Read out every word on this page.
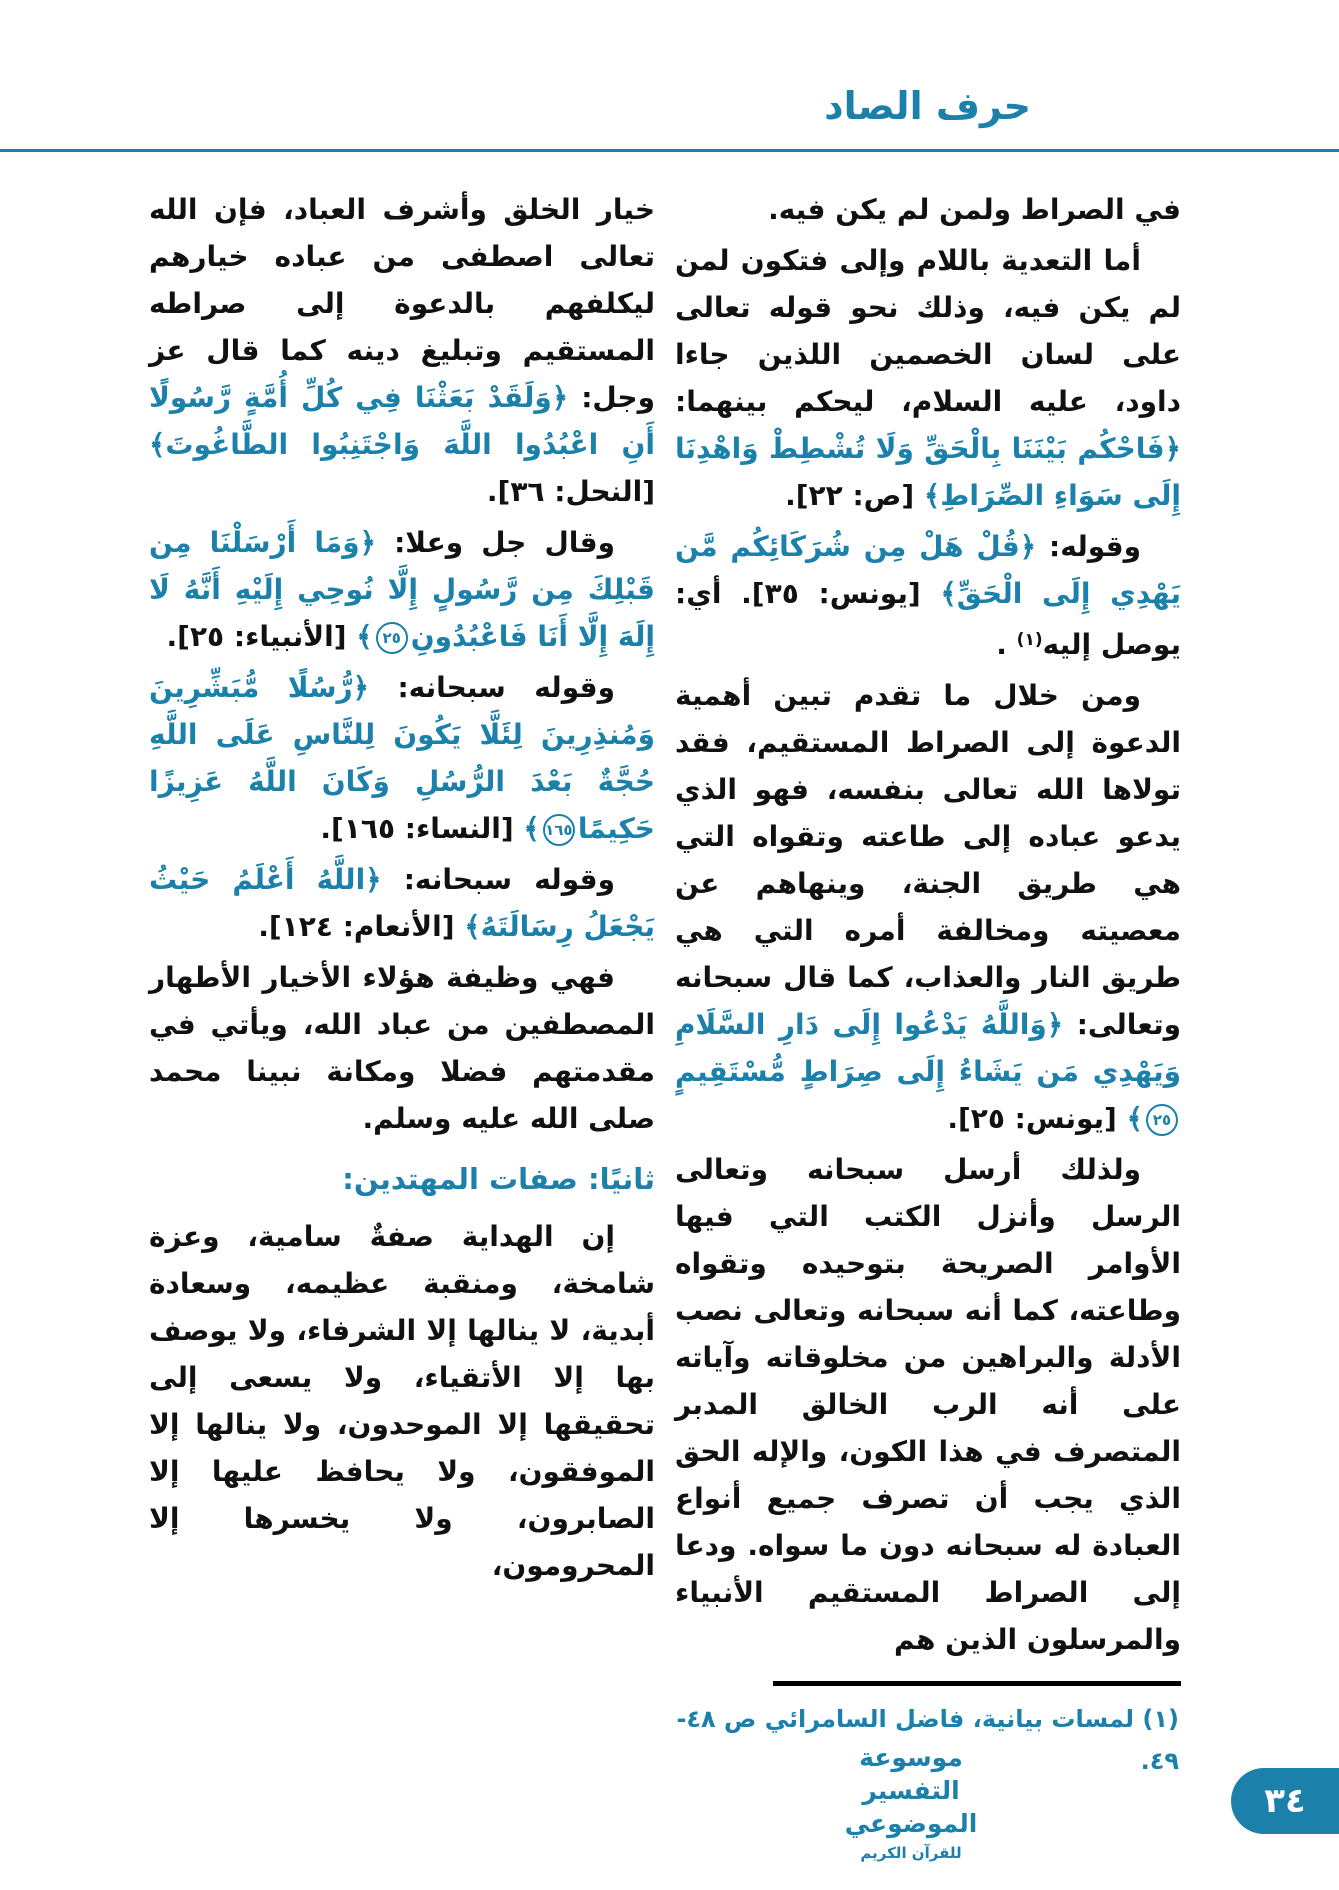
حرف الصاد

في الصراط ولمن لم يكن فيه.

أما التعدية باللام وإلى فتكون لمن لم يكن فيه، وذلك نحو قوله تعالى على لسان الخصمين اللذين جاءا داود، عليه السلام، ليحكم بينهما: ﴿فَاحْكُم بَيْنَنَا بِالْحَقِّ وَلَا تُشْطِطْ وَاهْدِنَا إِلَى سَوَاءِ الصِّرَاطِ﴾ [ص: ٢٢].

وقوله: ﴿قُلْ هَلْ مِن شُرَكَائِكُم مَّن يَهْدِي إِلَى الْحَقِّ﴾ [يونس: ٣٥]. أي: يوصل إليه$^{(١)}$ .

ومن خلال ما تقدم تبين أهمية الدعوة إلى الصراط المستقيم، فقد تولاها الله تعالى بنفسه، فهو الذي يدعو عباده إلى طاعته وتقواه التي هي طريق الجنة، وينهاهم عن معصيته ومخالفة أمره التي هي طريق النار والعذاب، كما قال سبحانه وتعالى: ﴿وَاللَّهُ يَدْعُوا إِلَى دَارِ السَّلَامِ وَيَهْدِي مَن يَشَاءُ إِلَى صِرَاطٍ مُّسْتَقِيمٍ٢٥﴾ [يونس: ٢٥].

ولذلك أرسل سبحانه وتعالى الرسل وأنزل الكتب التي فيها الأوامر الصريحة بتوحيده وتقواه وطاعته، كما أنه سبحانه وتعالى نصب الأدلة والبراهين من مخلوقاته وآياته على أنه الرب الخالق المدبر المتصرف في هذا الكون، والإله الحق الذي يجب أن تصرف جميع أنواع العبادة له سبحانه دون ما سواه. ودعا إلى الصراط المستقيم الأنبياء والمرسلون الذين هم

(١) لمسات بيانية، فاضل السامرائي ص ٤٨- ٤٩.

خيار الخلق وأشرف العباد، فإن الله تعالى اصطفى من عباده خيارهم ليكلفهم بالدعوة إلى صراطه المستقيم وتبليغ دينه كما قال عز وجل: ﴿وَلَقَدْ بَعَثْنَا فِي كُلِّ أُمَّةٍ رَّسُولًا أَنِ اعْبُدُوا اللَّهَ وَاجْتَنِبُوا الطَّاغُوتَ﴾ [النحل: ٣٦].

وقال جل وعلا: ﴿وَمَا أَرْسَلْنَا مِن قَبْلِكَ مِن رَّسُولٍ إِلَّا نُوحِي إِلَيْهِ أَنَّهُ لَا إِلَهَ إِلَّا أَنَا فَاعْبُدُونِ٢٥﴾ [الأنبياء: ٢٥].

وقوله سبحانه: ﴿رُّسُلًا مُّبَشِّرِينَ وَمُنذِرِينَ لِئَلَّا يَكُونَ لِلنَّاسِ عَلَى اللَّهِ حُجَّةٌ بَعْدَ الرُّسُلِ وَكَانَ اللَّهُ عَزِيزًا حَكِيمًا١٦٥﴾ [النساء: ١٦٥].

وقوله سبحانه: ﴿اللَّهُ أَعْلَمُ حَيْثُ يَجْعَلُ رِسَالَتَهُ﴾ [الأنعام: ١٢٤].

فهي وظيفة هؤلاء الأخيار الأطهار المصطفين من عباد الله، ويأتي في مقدمتهم فضلا ومكانة نبينا محمد صلى الله عليه وسلم.

ثانيًا: صفات المهتدين:

إن الهداية صفةٌ سامية، وعزة شامخة، ومنقبة عظيمه، وسعادة أبدية، لا ينالها إلا الشرفاء، ولا يوصف بها إلا الأتقياء، ولا يسعى إلى تحقيقها إلا الموحدون، ولا ينالها إلا الموفقون، ولا يحافظ عليها إلا الصابرون، ولا يخسرها إلا المحرومون،

موسوعة التفسير الموضوعي
للقرآن الكريم
٣٤
